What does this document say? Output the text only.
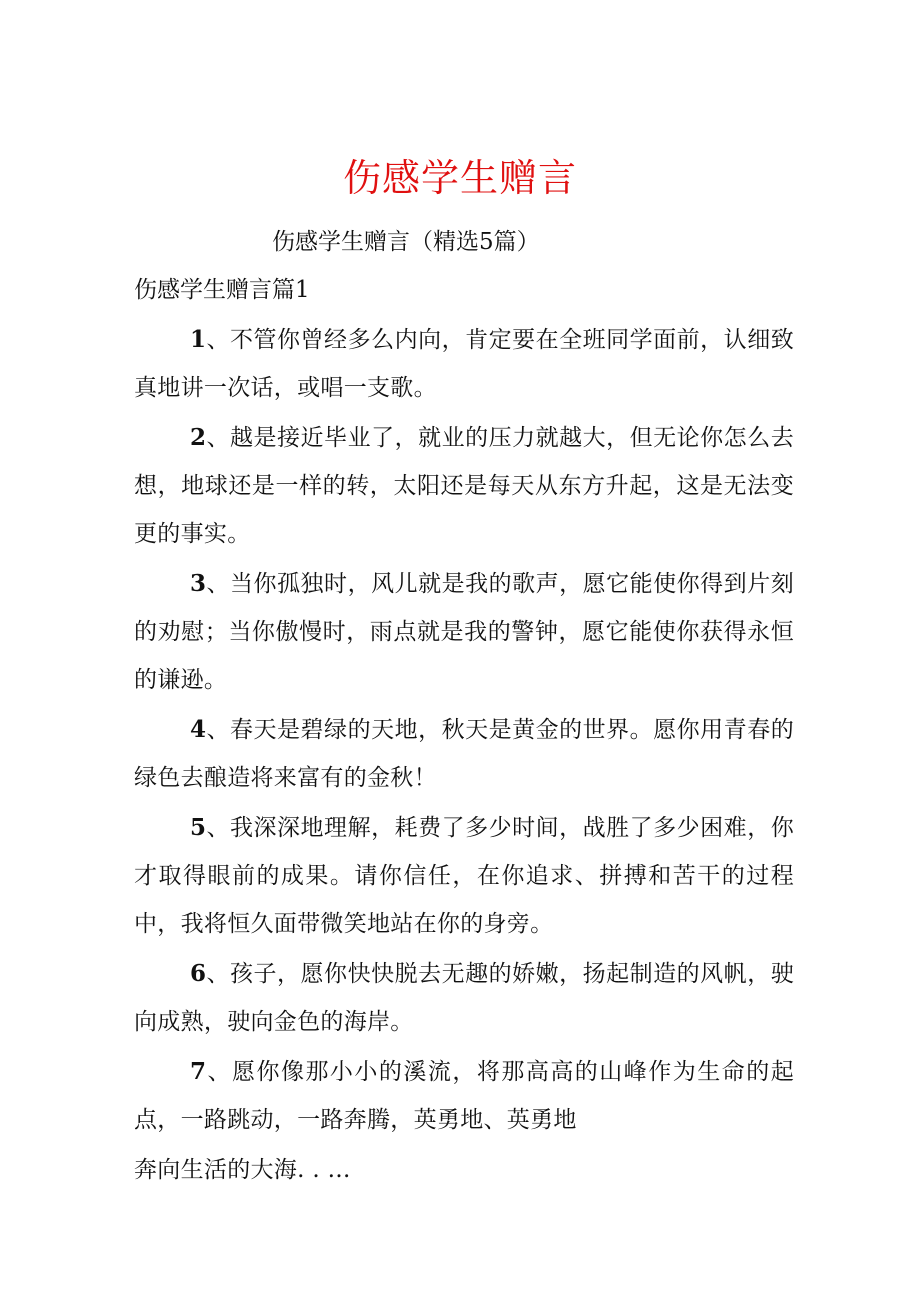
伤感学生赠言
伤感学生赠言（精选5篇）
伤感学生赠言篇1

1、不管你曾经多么内向，肯定要在全班同学面前，认细致真地讲一次话，或唱一支歌。

2、越是接近毕业了，就业的压力就越大，但无论你怎么去想，地球还是一样的转，太阳还是每天从东方升起，这是无法变更的事实。

3、当你孤独时，风儿就是我的歌声，愿它能使你得到片刻的劝慰；当你傲慢时，雨点就是我的警钟，愿它能使你获得永恒的谦逊。

4、春天是碧绿的天地，秋天是黄金的世界。愿你用青春的绿色去酿造将来富有的金秋！

5、我深深地理解，耗费了多少时间，战胜了多少困难，你才取得眼前的成果。请你信任，在你追求、拼搏和苦干的过程中，我将恒久面带微笑地站在你的身旁。

6、孩子，愿你快快脱去无趣的娇嫩，扬起制造的风帆，驶向成熟，驶向金色的海岸。

7、愿你像那小小的溪流，将那高高的山峰作为生命的起点，一路跳动，一路奔腾，英勇地、英勇地

奔向生活的大海. . …
